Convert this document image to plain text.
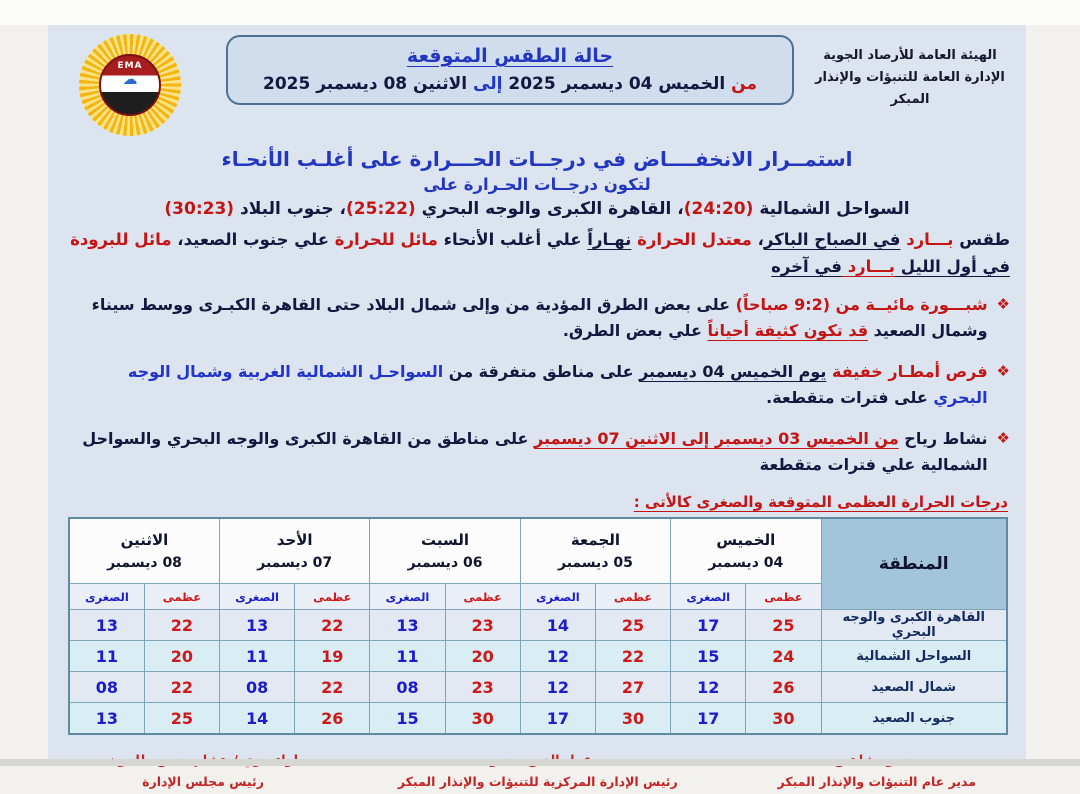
الهيئة العامة للأرصاد الجوية
الإدارة العامة للتنبؤات والإنذار المبكر
حالة الطقس المتوقعة
من الخميس 04 ديسمبر 2025 إلى الاثنين 08 ديسمبر 2025
EMA
☁
استمــرار الانخفــــاض في درجــات الحـــرارة على أغلـب الأنحـاء
لتكون درجــات الحـرارة على
السواحل الشمالية (24:20)، القاهرة الكبرى والوجه البحري (25:22)، جنوب البلاد (30:23)
طقس بـــارد في الصباح الباكر، معتدل الحرارة نهـاراً علي أغلب الأنحاء مائل للحرارة علي جنوب الصعيد، مائل للبرودة في أول الليل بـــارد في آخره
❖
شبـــورة مائيــة من (9:2 صباحاً) على بعض الطرق المؤدية من وإلى شمال البلاد حتى القاهرة الكبـرى ووسط سيناء وشمال الصعيد قد تكون كثيفة أحياناً علي بعض الطرق.
❖
فرص أمطـار خفيفة يوم الخميس 04 ديسمبر على مناطق متفرقة من السواحـل الشمالية الغربية وشمال الوجه البحري على فترات متقطعة.
❖
نشاط رياح من الخميس 03 ديسمبر إلى الاثنين 07 ديسمبر على مناطق من القاهرة الكبرى والوجه البحري والسواحل الشمالية علي فترات متقطعة
درجات الحرارة العظمى المتوقعة والصغرى كالأتى :
المنطقة	
الخميس
04 ديسمبر

الجمعة
05 ديسمبر

السبت
06 ديسمبر

الأحد
07 ديسمبر

الاثنين
08 ديسمبر

	عظمى	الصغرى	عظمى	الصغرى	عظمى	الصغرى	عظمى	الصغرى	عظمى	الصغرى
القاهرة الكبرى والوجه البحري	25	17	25	14	23	13	22	13	22	13
السواحل الشمالية	24	15	22	12	20	11	19	11	20	11
شمال الصعيد	26	12	27	12	23	08	22	08	22	08
جنوب الصعيد	30	17	30	17	30	15	26	14	25	13
مدير عام التنبؤات والإنذار المبكر
رئيس الإدارة المركزية للتنبؤات والإنذار المبكر
رئيس مجلس الإدارة
